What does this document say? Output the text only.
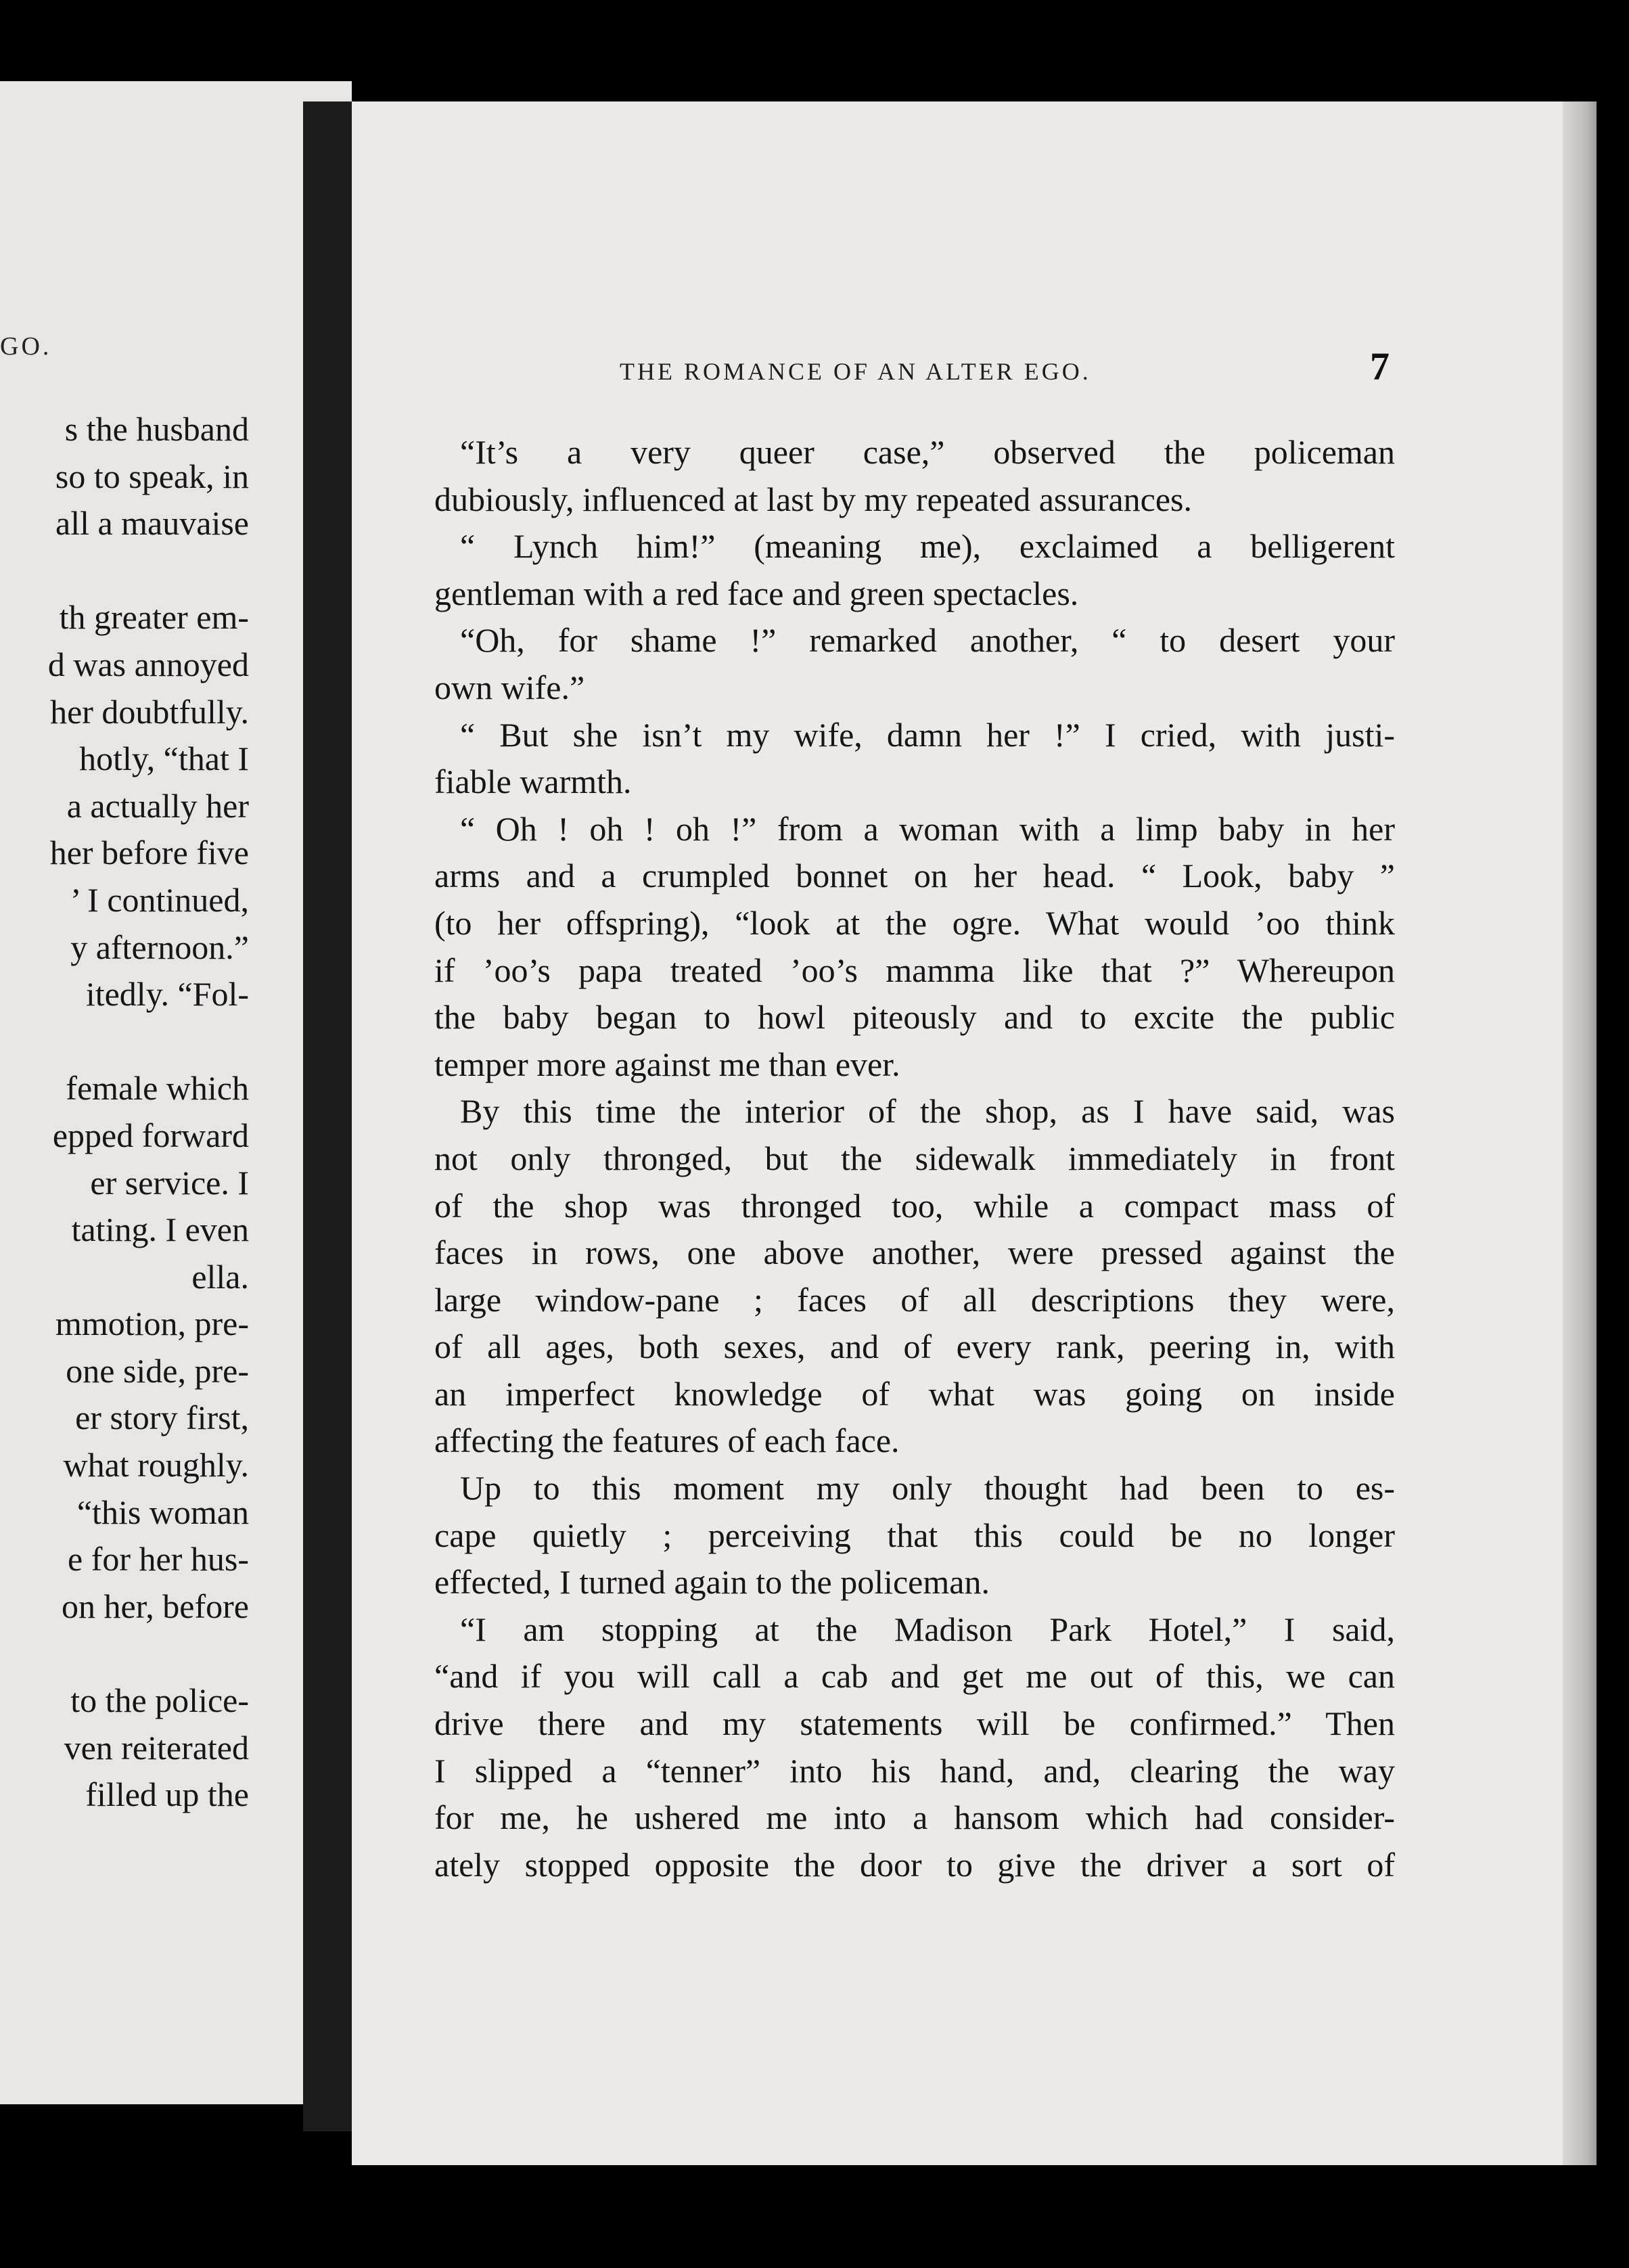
GO.
s the husband
so to speak, in
all a mauvaise
th greater em-
d was annoyed
her doubtfully.
hotly, “that I
a actually her
her before five
’ I continued,
y afternoon.”
itedly. “Fol-
female which
epped forward
er service. I
tating. I even
ella.
mmotion, pre-
one side, pre-
er story first,
what roughly.
“this woman
e for her hus-
on her, before
to the police-
ven reiterated
filled up the
THE ROMANCE OF AN ALTER EGO.	7
“It’s a very queer case,” observed the policeman
dubiously, influenced at last by my repeated assurances.
“ Lynch him!” (meaning me), exclaimed a belligerent
gentleman with a red face and green spectacles.
“Oh, for shame !” remarked another, “ to desert your
own wife.”
“ But she isn’t my wife, damn her !” I cried, with justi-
fiable warmth.
“ Oh ! oh ! oh !” from a woman with a limp baby in her
arms and a crumpled bonnet on her head. “ Look, baby ”
(to her offspring), “look at the ogre. What would ’oo think
if ’oo’s papa treated ’oo’s mamma like that ?” Whereupon
the baby began to howl piteously and to excite the public
temper more against me than ever.
By this time the interior of the shop, as I have said, was
not only thronged, but the sidewalk immediately in front
of the shop was thronged too, while a compact mass of
faces in rows, one above another, were pressed against the
large window-pane ; faces of all descriptions they were,
of all ages, both sexes, and of every rank, peering in, with
an imperfect knowledge of what was going on inside
affecting the features of each face.
Up to this moment my only thought had been to es-
cape quietly ; perceiving that this could be no longer
effected, I turned again to the policeman.
“I am stopping at the Madison Park Hotel,” I said,
“and if you will call a cab and get me out of this, we can
drive there and my statements will be confirmed.” Then
I slipped a “tenner” into his hand, and, clearing the way
for me, he ushered me into a hansom which had consider-
ately stopped opposite the door to give the driver a sort of
